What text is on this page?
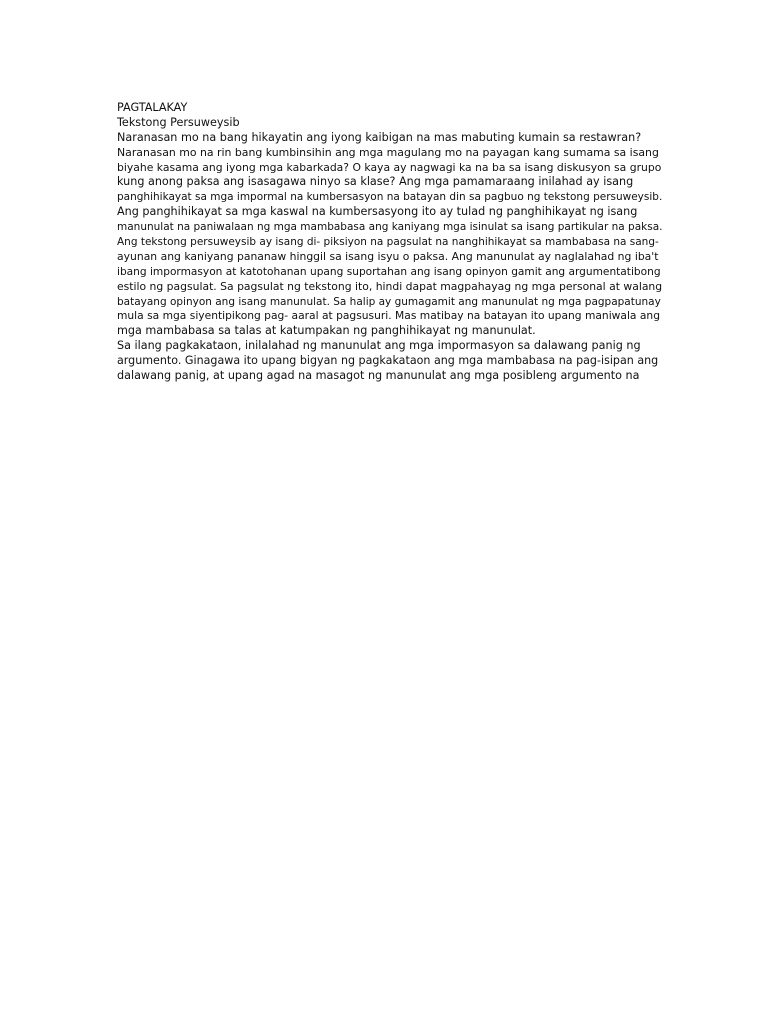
PAGTALAKAY
Tekstong Persuweysib
Naranasan mo na bang hikayatin ang iyong kaibigan na mas mabuting kumain sa restawran?
Naranasan mo na rin bang kumbinsihin ang mga magulang mo na payagan kang sumama sa isang
biyahe kasama ang iyong mga kabarkada? O kaya ay nagwagi ka na ba sa isang diskusyon sa grupo
kung anong paksa ang isasagawa ninyo sa klase? Ang mga pamamaraang inilahad ay isang
panghihikayat sa mga impormal na kumbersasyon na batayan din sa pagbuo ng tekstong persuweysib.
Ang panghihikayat sa mga kaswal na kumbersasyong ito ay tulad ng panghihikayat ng isang
manunulat na paniwalaan ng mga mambabasa ang kaniyang mga isinulat sa isang partikular na paksa.
Ang tekstong persuweysib ay isang di- piksiyon na pagsulat na nanghihikayat sa mambabasa na sang-
ayunan ang kaniyang pananaw hinggil sa isang isyu o paksa. Ang manunulat ay naglalahad ng iba't
ibang impormasyon at katotohanan upang suportahan ang isang opinyon gamit ang argumentatibong
estilo ng pagsulat. Sa pagsulat ng tekstong ito, hindi dapat magpahayag ng mga personal at walang
batayang opinyon ang isang manunulat. Sa halip ay gumagamit ang manunulat ng mga pagpapatunay
mula sa mga siyentipikong pag- aaral at pagsusuri. Mas matibay na batayan ito upang maniwala ang
mga mambabasa sa talas at katumpakan ng panghihikayat ng manunulat.
Sa ilang pagkakataon, inilalahad ng manunulat ang mga impormasyon sa dalawang panig ng
argumento. Ginagawa ito upang bigyan ng pagkakataon ang mga mambabasa na pag-isipan ang
dalawang panig, at upang agad na masagot ng manunulat ang mga posibleng argumento na
